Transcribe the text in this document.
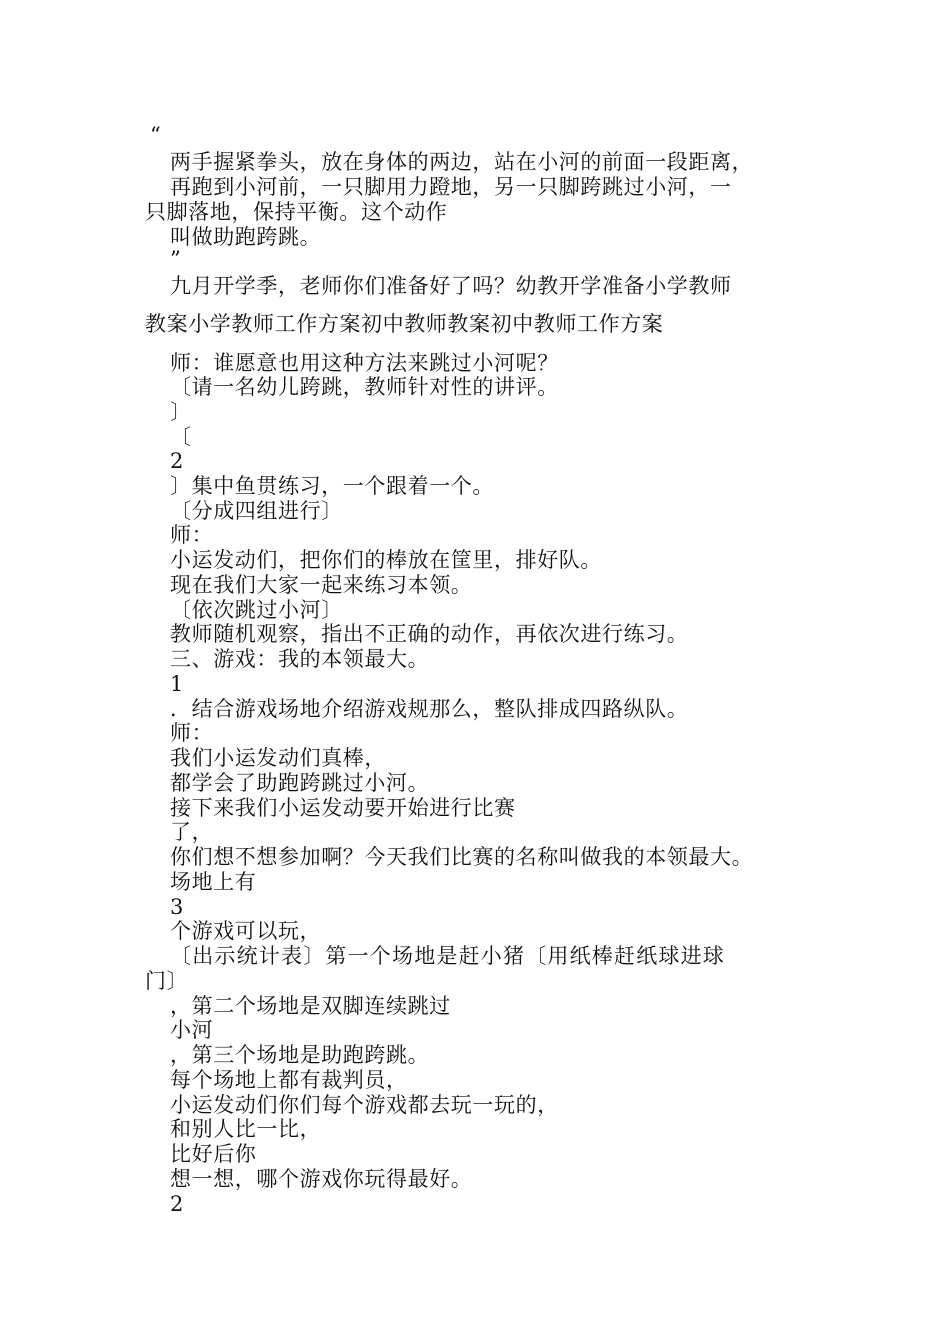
“
两手握紧拳头，放在身体的两边，站在小河的前面一段距离，
再跑到小河前，一只脚用力蹬地，另一只脚跨跳过小河，一
只脚落地，保持平衡。这个动作
叫做助跑跨跳。
”
九月开学季，老师你们准备好了吗？幼教开学准备小学教师
教案小学教师工作方案初中教师教案初中教师工作方案
师：谁愿意也用这种方法来跳过小河呢？
〔请一名幼儿跨跳，教师针对性的讲评。
〕
〔
2
〕集中鱼贯练习，一个跟着一个。
〔分成四组进行〕
师：
小运发动们，把你们的棒放在筐里，排好队。
现在我们大家一起来练习本领。
〔依次跳过小河〕
教师随机观察，指出不正确的动作，再依次进行练习。
三、游戏：我的本领最大。
1
．结合游戏场地介绍游戏规那么，整队排成四路纵队。
师：
我们小运发动们真棒，
都学会了助跑跨跳过小河。
接下来我们小运发动要开始进行比赛
了，
你们想不想参加啊？今天我们比赛的名称叫做我的本领最大。
场地上有
3
个游戏可以玩，
〔出示统计表〕第一个场地是赶小猪〔用纸棒赶纸球进球
门〕
，第二个场地是双脚连续跳过
小河
，第三个场地是助跑跨跳。
每个场地上都有裁判员，
小运发动们你们每个游戏都去玩一玩的，
和别人比一比，
比好后你
想一想，哪个游戏你玩得最好。
2
